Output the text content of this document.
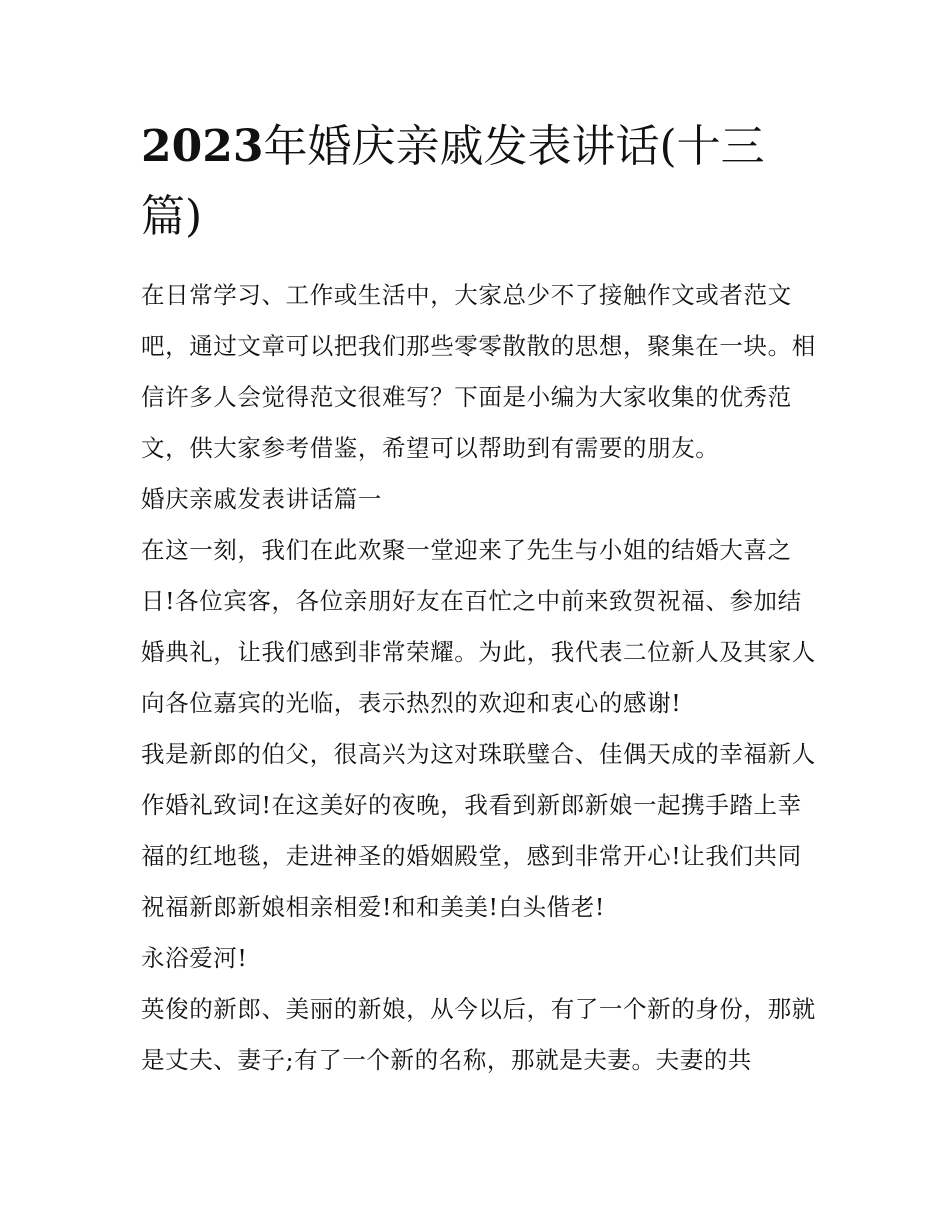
2023年婚庆亲戚发表讲话(十三篇)

在日常学习、工作或生活中，大家总少不了接触作文或者范文吧，通过文章可以把我们那些零零散散的思想，聚集在一块。相信许多人会觉得范文很难写？下面是小编为大家收集的优秀范文，供大家参考借鉴，希望可以帮助到有需要的朋友。

婚庆亲戚发表讲话篇一

在这一刻，我们在此欢聚一堂迎来了先生与小姐的结婚大喜之日!各位宾客，各位亲朋好友在百忙之中前来致贺祝福、参加结婚典礼，让我们感到非常荣耀。为此，我代表二位新人及其家人向各位嘉宾的光临，表示热烈的欢迎和衷心的感谢!

我是新郎的伯父，很高兴为这对珠联璧合、佳偶天成的幸福新人作婚礼致词!在这美好的夜晚，我看到新郎新娘一起携手踏上幸福的红地毯，走进神圣的婚姻殿堂，感到非常开心!让我们共同祝福新郎新娘相亲相爱!和和美美!白头偕老!

永浴爱河!

英俊的新郎、美丽的新娘，从今以后，有了一个新的身份，那就是丈夫、妻子;有了一个新的名称，那就是夫妻。夫妻的共
